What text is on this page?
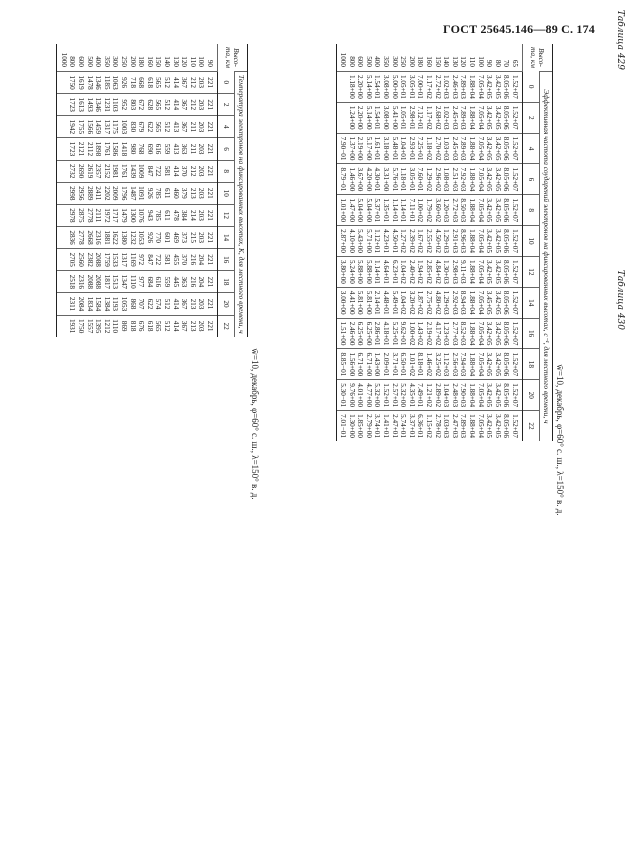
ГОСТ 25645.146—89 С. 174
w̄=10, декабрь, φ=60° с. ш., λ=150° в. д.
Высо-
та, км	Температура электронов на фиксированных высотах, К, для местного времени, ч											
	0	2	4	6	8	10	12	14	16	18	20	22
90	221	221	221	221	221	221	221	221	221	221	221	221
100	203	203	203	203	203	203	203	203	204	204	203	203
110	212	212	211	211	212	213	214	215	216	216	213	213
120	367	367	367	363	370	379	384	373	370	363	367	367
130	414	414	413	413	414	460	478	469	455	445	414	414
140	512	512	512	559	581	611	611	601	581	559	512	512
150	565	565	565	616	722	785	785	770	722	616	574	565
160	618	628	622	690	847	926	943	926	847	684	622	618
180	668	672	679	768	1009	1091	1076	1053	972	977	707	676
200	718	803	830	980	1439	1487	1300	1232	1169	1110	868	818
250	926	952	1003	1418	1761	1796	1479	1380	1317	1347	1053	869
300	1063	1103	1175	1586	1981	2009	1717	1622	1533	1513	1193	1110
350	1185	1231	1317	1761	2152	2202	1972	1881	1759	1817	1384	1212
400	1346	1346	1459	1898	2357	2411	2111	2316	2088	2088	1584	1395
500	1478	1493	1566	2112	2619	2889	2778	2668	2382	2088	1834	1557
600	1619	1613	1755	2121	2690	2956	2875	2778	2560	2316	2084	1750
800	1750	1723	1942	1723	2732	2998	2978	2836	2705	2518	2311	1931
1000													Таблица 429
w̄=10, декабрь, φ=60° с. ш., λ=150° в. д.
Высо-
та, км	Эффективная частота соударений электронов на фиксированных высотах, с⁻¹, для местного времени, ч											
	0	2	4	6	8	10	12	14	16	18	20	22
65	1.52+07	1.52+07	1.52+07	1.52+07	1.52+07	1.52+07	1.52+07	1.52+07	1.52+07	1.52+07	1.52+07	1.52+07
70	8.05+06	8.05+06	8.05+06	8.05+06	8.05+06	8.05+06	8.05+06	8.05+06	8.05+06	8.05+06	8.05+06	8.05+06
80	3.42+05	3.42+05	3.42+05	3.42+05	3.42+05	3.42+05	3.42+05	3.42+05	3.42+05	3.42+05	3.42+05	3.42+05
90	3.42+05	3.42+05	3.42+05	3.42+05	3.42+05	3.42+05	3.42+05	3.45+05	3.42+05	3.42+05	3.42+05	3.42+05
100	7.05+04	7.05+04	7.05+04	7.05+04	7.05+04	7.05+04	7.05+04	7.05+04	7.05+04	7.05+04	7.05+04	7.05+04
110	1.88+04	1.88+04	1.88+04	1.88+04	1.88+04	1.88+04	1.88+04	1.88+04	1.88+04	1.88+04	1.88+04	1.88+04
120	7.89+03	7.89+03	7.89+03	7.92+03	8.50+03	8.96+03	9.11+03	8.94+03	8.52+03	7.94+03	7.90+03	7.89+03
130	2.46+03	2.45+03	2.45+03	2.51+03	2.72+03	2.91+03	2.98+03	2.92+03	2.77+03	2.56+03	2.48+03	2.47+03
140	1.02+03	1.02+03	1.03+03	1.08+03	1.20+03	1.29+03	1.30+03	1.29+03	1.23+03	1.12+03	1.04+03	1.03+03
150	2.72+02	2.68+02	2.70+02	2.96+02	3.60+02	4.50+02	4.84+02	4.80+02	4.17+02	3.25+02	2.89+02	2.78+02
160	1.17+02	1.17+02	1.18+02	1.29+02	1.79+02	2.55+02	2.85+02	2.75+02	2.19+02	1.46+02	1.21+02	1.15+02
180	7.00+01	7.12+01	7.25+01	7.60+01	1.00+02	1.67+02	1.94+02	1.87+02	1.43+02	8.18+01	7.49+01	6.36+01
200	3.05+01	2.98+01	2.93+01	3.05+01	7.11+01	2.39+02	2.40+02	3.20+02	1.00+02	1.01+02	4.35+01	3.37+01
250	1.05+01	1.05+01	1.04+01	1.18+01	1.14+01	1.27+02	1.04+02	1.04+02	9.62+01	6.50+01	5.32+00	5.74+01
300	5.00+00	5.41+00	5.48+01	5.76+01	1.14+01	4.50+01	6.23+01	5.49+01	5.25+01	3.71+01	2.57+01	2.47+01
350	3.08+00	3.08+00	3.18+00	3.31+00	1.35+01	4.23+01	4.64+01	4.48+01	4.18+01	2.09+01	1.52+01	1.41+01
400	1.54+01	1.54+01	1.61+01	4.30+01	5.37+01	1.12+01	1.14+01	2.14+01	2.86+01	1.43+00	5.32+00	3.74+01
500	5.14+00	5.14+00	5.17+00	4.20+00	5.04+00	5.71+00	5.88+00	5.81+00	6.25+00	6.71+00	4.77+00	2.79+00
600	2.20+00	2.20+00	2.19+00	3.67+00	5.04+00	5.43+00	5.88+00	5.81+00	6.25+00	6.71+00	4.01+00	1.85+00
800	1.18+00	1.24+00	1.37+00	1.46+00	1.47+00	4.10+00	5.24+00	4.41+00	2.46+00	1.56+00	9.76+00	1.30+00
1000			7.90−01	8.79−01	1.01+00	2.87+00	3.80+00	3.00+00	1.51+00	8.85−01	5.30−01	7.01−01
Таблица 430
